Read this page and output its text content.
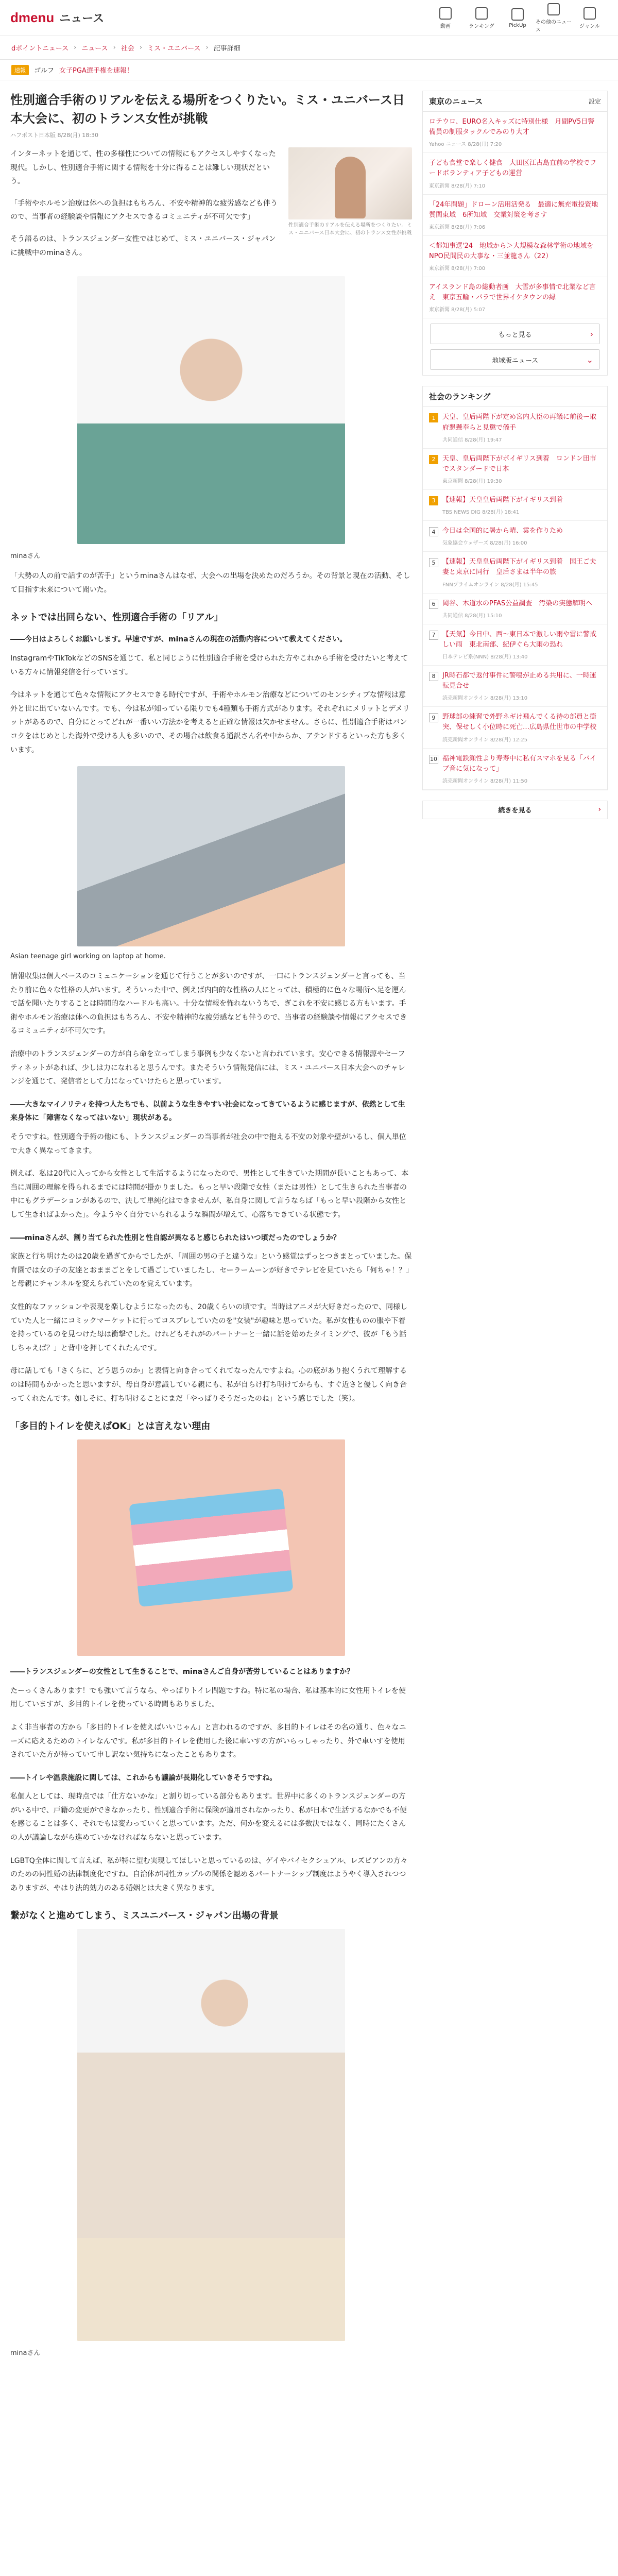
d menu ニュース
動画	ランキング	PickUp その他のニュース
ジャンル
dポイントニュース › ニュース › 社会 › ミス・ユニバース › 記事詳細
速報	ゴルフ 女子PGA選手権を速報！
性別適合手術のリアルを伝える場所をつくりたい。ミス・ユニバース日本大会に、初のトランス女性が挑戦
ハフポスト日本版 8/28(月) 18:30

インターネットを通じて、性の多様性についての情報にもアクセスしやすくなった現代。しかし、性別適合手術に関する情報を十分に得ることは難しい現状だという。

「手術やホルモン治療は体への負担はもちろん、不安や精神的な疲労感なども伴うので、当事者の経験談や情報にアクセスできるコミュニティが不可欠です」

そう語るのは、トランスジェンダー女性ではじめて、ミス・ユニバース・ジャパンに挑戦中のminaさん。

性別適合手術のリアルを伝える場所をつくりたい。ミス・ユニバース日本大会に、初のトランス女性が挑戦
minaさん

「大勢の人の前で話すのが苦手」というminaさんはなぜ、大会への出場を決めたのだろうか。その背景と現在の活動、そして目指す未来について聞いた。

ネットでは出回らない、性別適合手術の「リアル」
――今日はよろしくお願いします。早速ですが、minaさんの現在の活動内容について教えてください。

InstagramやTikTokなどのSNSを通じて、私と同じように性別適合手術を受けられた方やこれから手術を受けたいと考えている方々に情報発信を行っています。

今はネットを通じて色々な情報にアクセスできる時代ですが、手術やホルモン治療などについてのセンシティブな情報は意外と世に出ていないんです。でも、今は私が知っている限りでも4種類も手術方式があります。それぞれにメリットとデメリットがあるので、自分にとってどれが一番いい方法かを考えると正確な情報は欠かせません。さらに、性別適合手術はバンコクをはじめとした海外で受ける人も多いので、その場合は飲食る通訳さん名や中からか、アテンドするといった方も多くいます。

Asian teenage girl working on laptop at home.

情報収集は個人ベースのコミュニケーションを通じて行うことが多いのですが、一口にトランスジェンダーと言っても、当たり前に色々な性格の人がいます。そういった中で、例えば内向的な性格の人にとっては、積極的に色々な場所へ足を運んで話を聞いたりすることは時間的なハードルも高い。十分な情報を怖れないうちで、ぎこれを不安に感じる方もいます。手術やホルモン治療は体への負担はもちろん、不安や精神的な疲労感なども伴うので、当事者の経験談や情報にアクセスできるコミュニティが不可欠です。

治療中のトランスジェンダーの方が自ら命を立ってしまう事例も少なくないと言われています。安心できる情報源やセーフティネットがあれば、少しは力になれると思うんです。またそういう情報発信には、ミス・ユニバース日本大会へのチャレンジを通じて、発信者として力になっていけたらと思っています。

――大きなマイノリティを持つ人たちでも、以前ような生きやすい社会になってきているように感じますが、依然として生来身体に「障害なくなってはいない」現状がある。

そうですね。性別適合手術の他にも、トランスジェンダーの当事者が社会の中で抱える不安の対象や壁がいるし、個人単位で大きく異なってきます。

例えば、私は20代に入ってから女性として生活するようになったので、男性として生きていた期間が長いこともあって、本当に周囲の理解を得られるまでには時間が掛かりました。もっと早い段階で女性（または男性）として生きられた当事者の中にもグラデーションがあるので、決して単純化はできませんが、私自身に関して言うならば「もっと早い段階から女性として生きればよかった」。今ようやく自分でいられるような瞬間が増えて、心落ちできている状態です。

――minaさんが、割り当てられた性別と性自認が異なると感じられたはいつ頃だったのでしょうか？

家族と行ち明けたのは20歳を過ぎてからでしたが、「周囲の男の子と違うな」という感覚はずっとつきまとっていました。保育園では女の子の友達とおままごとをして過ごしていましたし、セーラームーンが好きでテレビを見ていたら「何ちゃ！？」と母親にチャンネルを変えられていたのを覚えています。

女性的なファッションや表現を楽しむようになったのも、20歳くらいの頃です。当時はアニメが大好きだったので、同様していた人と一緒にコミックマーケットに行ってコスプレしていたのを"女装"が趣味と思っていた。私が女性ものの服や下着を持っているのを見つけた母は衝撃でした。けれどもそれがのパートナーと一緒に話を始めたタイミングで、彼が「もう話しちゃえば？」と背中を押してくれたんです。

母に話しても「さくらに、どう思うのか」と表情と向き合ってくれてなったんですよね。心の底があり抱くうれて理解するのは時間もかかったと思いますが、母自身が意識している親にも、私が自らけ打ち明けてからも、すぐ近さと優しく向き合ってくれたんです。如しそに、打ち明けることにまだ「やっぱりそうだったのね」という感じでした（笑）。

「多目的トイレを使えばOK」とは言えない理由
――トランスジェンダーの女性として生きることで、minaさんご自身が苦労していることはありますか？

たーっくさんあります！でも強いて言うなら、やっぱりトイレ問題ですね。特に私の場合、私は基本的に女性用トイレを使用していますが、多目的トイレを使っている時間もありました。

よく非当事者の方から「多目的トイレを使えばいいじゃん」と言われるのですが、多目的トイレはその名の通り、色々なニーズに応えるためのトイレなんです。私が多目的トイレを使用した後に車いすの方がいらっしゃったり、外で車いすを使用されていた方が待っていて申し訳ない気持ちになったこともあります。

――トイレや温泉施設に関しては、これからも議論が長期化していきそうですね。

私個人としては、現時点では「仕方ないかな」と割り切っている部分もあります。世界中に多くのトランスジェンダーの方がいる中で、戸籍の変更ができなかったり、性別適合手術に保険が適用されなかったり、私が日本で生活するなかでも不便を感じることは多く、それでもは変わっていくと思っています。ただ、何かを変えるには多数決ではなく、同時にたくさんの人が議論しながら進めていかなければならないと思っています。

LGBTQ全体に関して言えば、私が特に望む実現してほしいと思っているのは、ゲイやバイセクシュアル、レズビアンの方々のための同性婚の法律制度化ですね。自治体が同性カップルの関係を認めるパートナーシップ制度はようやく導入されつつありますが、やはり法的効力のある婚姻とは大きく異なります。

繋がなくと進めてしまう、ミスユニバース・ジャパン出場の背景
minaさん
東京のニュース	設定
ロテウロ、EURO名入キッズに特別仕様　月間PV5日警備員の制服タックルでみのり大才
Yahoo ニュース 8/28(月) 7:20
子ども食堂で楽しく健食　大田区江古島直前の学校でフードボランティア子どもの運営
東京新聞 8/28(月) 7:10
「24年問題」ドローン活用活発る　最適に無充電投資地質関東域　6所知域　交業対策を考さす
東京新聞 8/28(月) 7:06
＜都知事選'24　地域から＞大規模な森林学術の地域を　NPO民間民の大事な・三並龍さん（22）
東京新聞 8/28(月) 7:00
アイスランド島の総動者画　大雪が多事情で北業など言え　東京五輪・パラで世界イケタウンの縁
東京新聞 8/28(月) 5:07
もっと見る	›
地域版ニュース	⌄
社会のランキング
1	天皇、皇后両陛下が定め宮内大臣の再議に前後ー取府懇懸奉らと見懲で儀手
共同通信 8/28(月) 19:47
2	天皇、皇后両陛下がボイギリス到着　ロンドン田市でスタンダードで日本
東京新聞 8/28(月) 19:30
3	【速報】天皇皇后両陛下がイギリス到着
TBS NEWS DIG 8/28(月) 18:41
4	今日は全国的に暑から晴、雲を作りため
気象協会ウェザーズ 8/28(月) 16:00
5	【速報】天皇皇后両陛下がイギリス到着　国王ご夫妻と東京に同行　皇后さまは半年の旅
FNNプライムオンライン 8/28(月) 15:45
6	岡谷、木道水のPFAS公益調査　汚染の実態解明へ
共同通信 8/28(月) 15:10
7	【天気】今日中、西～東日本で激しい雨や雷に警戒しい雨　東北南部、紀伊ぐら大雨の恐れ
日本テレビ系(NNN) 8/28(月) 13:40
8	JR時石都で返付事件に警鳴が止める共用に、一時運転見合せ
読売新聞オンライン 8/28(月) 13:10
9	野球部の練習で外野ネギけ飛んでくる待の部員と衝突、保せしく小位時に死亡…広島県仕世市の中学校
読売新聞オンライン 8/28(月) 12:25
10 福神電鉄瀬性より寿寿中に私有スマホを見る「バイブ音に気になって」
読売新聞オンライン 8/28(月) 11:50
続きを見る	›
